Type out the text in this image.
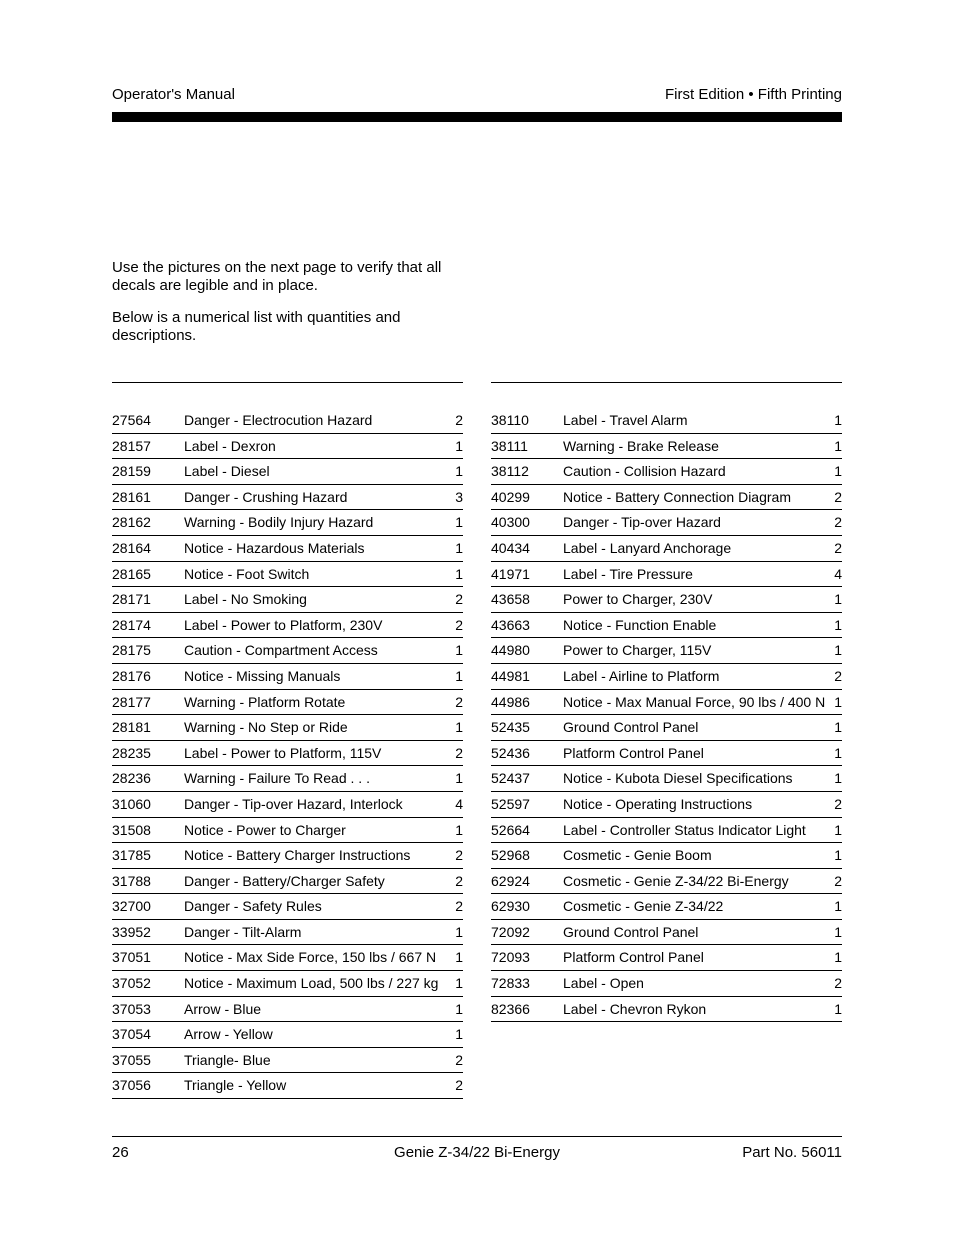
Operator's Manual	First Edition • Fifth Printing

Use the pictures on the next page to verify that all decals are legible and in place.

Below is a numerical list with quantities and descriptions.

27564 Danger - Electrocution Hazard	2
28157 Label - Dexron	1
28159 Label - Diesel	1
28161 Danger - Crushing Hazard	3
28162 Warning - Bodily Injury Hazard	1
28164 Notice - Hazardous Materials	1
28165 Notice - Foot Switch	1
28171 Label - No Smoking	2
28174 Label - Power to Platform, 230V	2
28175 Caution - Compartment Access	1
28176 Notice - Missing Manuals	1
28177 Warning - Platform Rotate	2
28181 Warning - No Step or Ride	1
28235 Label - Power to Platform, 115V	2
28236 Warning - Failure To Read . . .	1
31060 Danger - Tip-over Hazard, Interlock	4
31508 Notice - Power to Charger	1
31785 Notice - Battery Charger Instructions	2
31788 Danger - Battery/Charger Safety	2
32700 Danger - Safety Rules	2
33952 Danger - Tilt-Alarm	1
37051 Notice - Max Side Force, 150 lbs / 667 N 1
37052 Notice - Maximum Load, 500 lbs / 227 kg 1
37053 Arrow - Blue	1
37054 Arrow - Yellow	1
37055 Triangle- Blue	2
37056 Triangle - Yellow	2
38110 Label - Travel Alarm	1
38111	Warning - Brake Release	1
38112 Caution - Collision Hazard	1
40299 Notice - Battery Connection Diagram	2
40300 Danger - Tip-over Hazard	2
40434 Label - Lanyard Anchorage	2
41971 Label - Tire Pressure	4
43658 Power to Charger, 230V	1
43663 Notice - Function Enable	1
44980 Power to Charger, 115V	1
44981 Label - Airline to Platform	2
44986 Notice - Max Manual Force, 90 lbs / 400 N 1
52435 Ground Control Panel	1
52436 Platform Control Panel	1
52437 Notice - Kubota Diesel Specifications	1
52597 Notice - Operating Instructions	2
52664 Label - Controller Status Indicator Light 1
52968 Cosmetic - Genie Boom	1
62924 Cosmetic - Genie Z-34/22 Bi-Energy	2
62930 Cosmetic - Genie Z-34/22	1
72092 Ground Control Panel	1
72093 Platform Control Panel	1
72833 Label - Open	2
82366 Label - Chevron Rykon	1
26	Genie Z-34/22 Bi-Energy	Part No. 56011
